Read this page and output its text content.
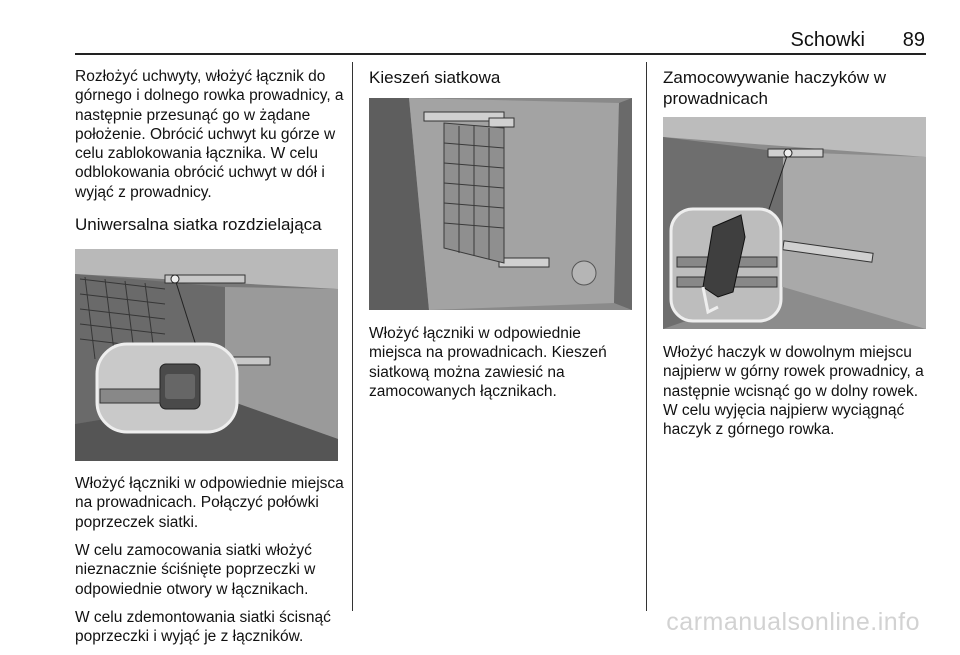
Schowki 89

Rozłożyć uchwyty, włożyć łącznik do górnego i dolnego rowka prowadnicy, a następnie przesunąć go w żądane położenie. Obrócić uchwyt ku górze w celu zablokowania łącznika. W celu odblokowania obrócić uchwyt w dół i wyjąć z prowadnicy.

Uniwersalna siatka rozdzielająca

Włożyć łączniki w odpowiednie miejsca na prowadnicach. Połączyć połówki poprzeczek siatki.

W celu zamocowania siatki włożyć nieznacznie ściśnięte poprzeczki w odpowiednie otwory w łącznikach.

W celu zdemontowania siatki ścisnąć poprzeczki i wyjąć je z łączników.

Kieszeń siatkowa

Włożyć łączniki w odpowiednie miejsca na prowadnicach. Kieszeń siatkową można zawiesić na zamocowanych łącznikach.

Zamocowywanie haczyków w prowadnicach

Włożyć haczyk w dowolnym miejscu najpierw w górny rowek prowadnicy, a następnie wcisnąć go w dolny rowek. W celu wyjęcia najpierw wyciągnąć haczyk z górnego rowka.

carmanualsonline.info
